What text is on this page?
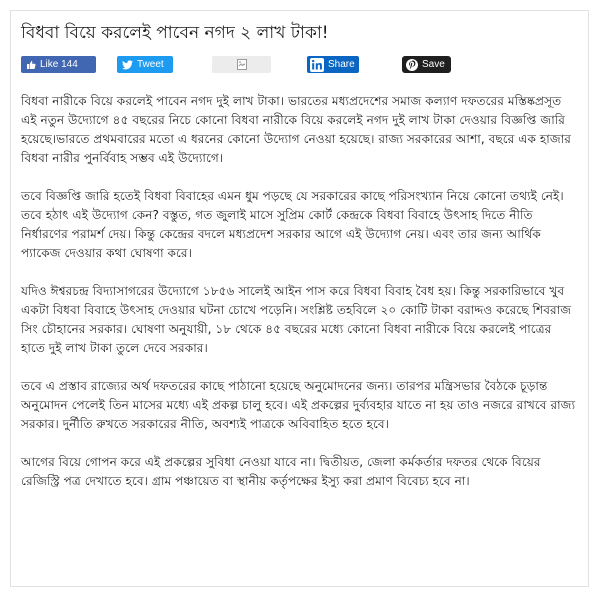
বিধবা বিয়ে করলেই পাবেন নগদ ২ লাখ টাকা!
Like 144	Tweet	Share	Save

বিধবা নারীকে বিয়ে করলেই পাবেন নগদ দুই লাখ টাকা। ভারতের মধ্যপ্রদেশের সমাজ কল্যাণ দফতরের মস্তিষ্কপ্রসূত এই নতুন উদ্যোগে ৪৫ বছরের নিচে কোনো বিধবা নারীকে বিয়ে করলেই নগদ দুই লাখ টাকা দেওয়ার বিজ্ঞপ্তি জারি হয়েছে।ভারতে প্রথমবারের মতো এ ধরনের কোনো উদ্যোগ নেওয়া হয়েছে। রাজ্য সরকারের আশা, বছরে এক হাজার বিধবা নারীর পুনর্বিবাহ সম্ভব এই উদ্যোগে।

তবে বিজ্ঞপ্তি জারি হতেই বিধবা বিবাহের এমন ধুম পড়ছে যে সরকারের কাছে পরিসংখ্যান নিয়ে কোনো তথ্যই নেই। তবে হঠাৎ এই উদ্যোগ কেন? বস্তুত, গত জুলাই মাসে সুপ্রিম কোর্ট কেন্দ্রকে বিধবা বিবাহে উৎসাহ দিতে নীতি নির্ধারণের পরামর্শ দেয়। কিন্তু কেন্দ্রের বদলে মধ্যপ্রদেশ সরকার আগে এই উদ্যোগ নেয়। এবং তার জন্য আর্থিক প্যাকেজ দেওয়ার কথা ঘোষণা করে।

যদিও ঈশ্বরচন্দ্র বিদ্যাসাগরের উদ্যোগে ১৮৫৬ সালেই আইন পাস করে বিধবা বিবাহ বৈধ হয়। কিন্তু সরকারিভাবে খুব একটা বিধবা বিবাহে উৎসাহ দেওয়ার ঘটনা চোখে পড়েনি। সংশ্লিষ্ট তহবিলে ২০ কোটি টাকা বরাদ্দও করেছে শিবরাজ সিং চৌহানের সরকার। ঘোষণা অনুযায়ী, ১৮ থেকে ৪৫ বছরের মধ্যে কোনো বিধবা নারীকে বিয়ে করলেই পাত্রের হাতে দুই লাখ টাকা তুলে দেবে সরকার।

তবে এ প্রস্তাব রাজ্যের অর্থ দফতরের কাছে পাঠানো হয়েছে অনুমোদনের জন্য। তারপর মন্ত্রিসভার বৈঠকে চূড়ান্ত অনুমোদন পেলেই তিন মাসের মধ্যে এই প্রকল্প চালু হবে। এই প্রকল্পের দুর্ব্যবহার যাতে না হয় তাও নজরে রাখবে রাজ্য সরকার। দুর্নীতি রুখতে সরকারের নীতি, অবশ্যই পাত্রকে অবিবাহিত হতে হবে।

আগের বিয়ে গোপন করে এই প্রকল্পের সুবিধা নেওয়া যাবে না। দ্বিতীয়ত, জেলা কর্মকর্তার দফতর থেকে বিয়ের রেজিস্ট্রি পত্র দেখাতে হবে। গ্রাম পঞ্চায়েত বা স্থানীয় কর্তৃপক্ষের ইস্যু করা প্রমাণ বিবেচ্য হবে না।
